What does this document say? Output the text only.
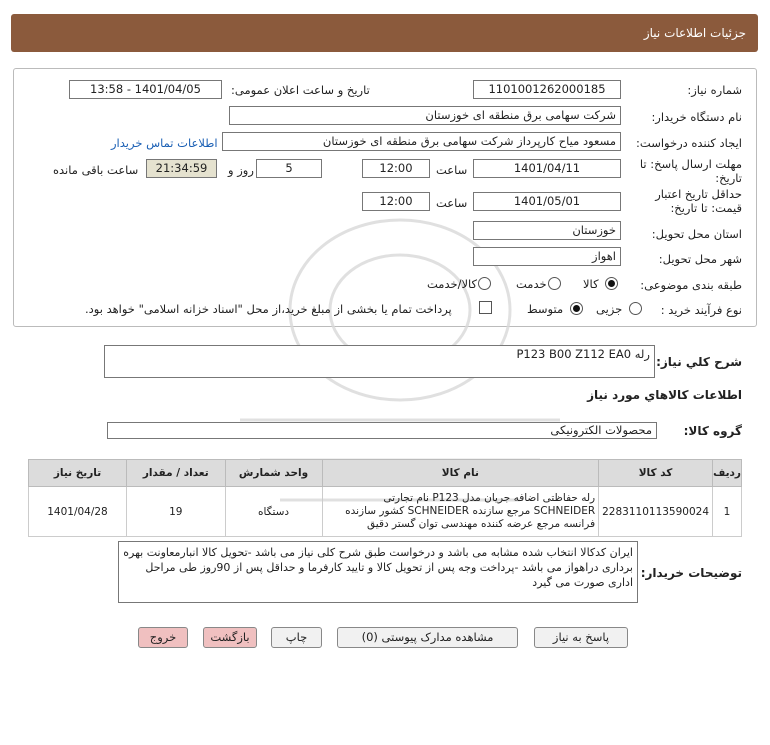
جزئیات اطلاعات نیاز
شماره نیاز:
1101001262000185
تاریخ و ساعت اعلان عمومی:
1401/04/05 - 13:58
نام دستگاه خریدار:
شرکت سهامی برق منطقه ای خوزستان
ایجاد کننده درخواست:
مسعود میاح کارپرداز شرکت سهامی برق منطقه ای خوزستان
اطلاعات تماس خریدار
مهلت ارسال پاسخ: تا
تاریخ:
1401/04/11
ساعت
12:00
5
روز و
21:34:59
ساعت باقی مانده
حداقل تاریخ اعتبار
قیمت: تا تاریخ:
1401/05/01
ساعت
12:00
استان محل تحویل:
خوزستان
شهر محل تحویل:
اهواز
طبقه بندی موضوعی:
کالا
خدمت
کالا/خدمت
نوع فرآیند خرید :
جزیی
متوسط
پرداخت تمام یا بخشی از مبلغ خرید،از محل "اسناد خزانه اسلامی" خواهد بود.
شرح کلي نياز:
رله P123 B00 Z112 EA0
اطلاعات کالاهاي مورد نياز
گروه کالا:
محصولات الکترونیکی
ردیف	کد کالا	نام کالا	واحد شمارش	تعداد / مقدار	تاریخ نیاز
1	2283110113590024	رله حفاظتی اضافه جریان مدل P123 نام تجارتی SCHNEIDER مرجع سازنده SCHNEIDER کشور سازنده فرانسه مرجع عرضه کننده مهندسی توان گستر دقیق	دستگاه	19	1401/04/28
توضیحات خریدار:
ایران کدکالا انتخاب شده مشابه می باشد و درخواست طبق شرح کلی نیاز می باشد -تحویل کالا انبارمعاونت بهره برداری دراهواز می باشد -پرداخت وجه پس از تحویل کالا و تایید کارفرما و حداقل پس از 90روز طی مراحل اداری صورت می گیرد
پاسخ به نیاز
مشاهده مدارک پیوستی (0)
چاپ
بازگشت
خروج
